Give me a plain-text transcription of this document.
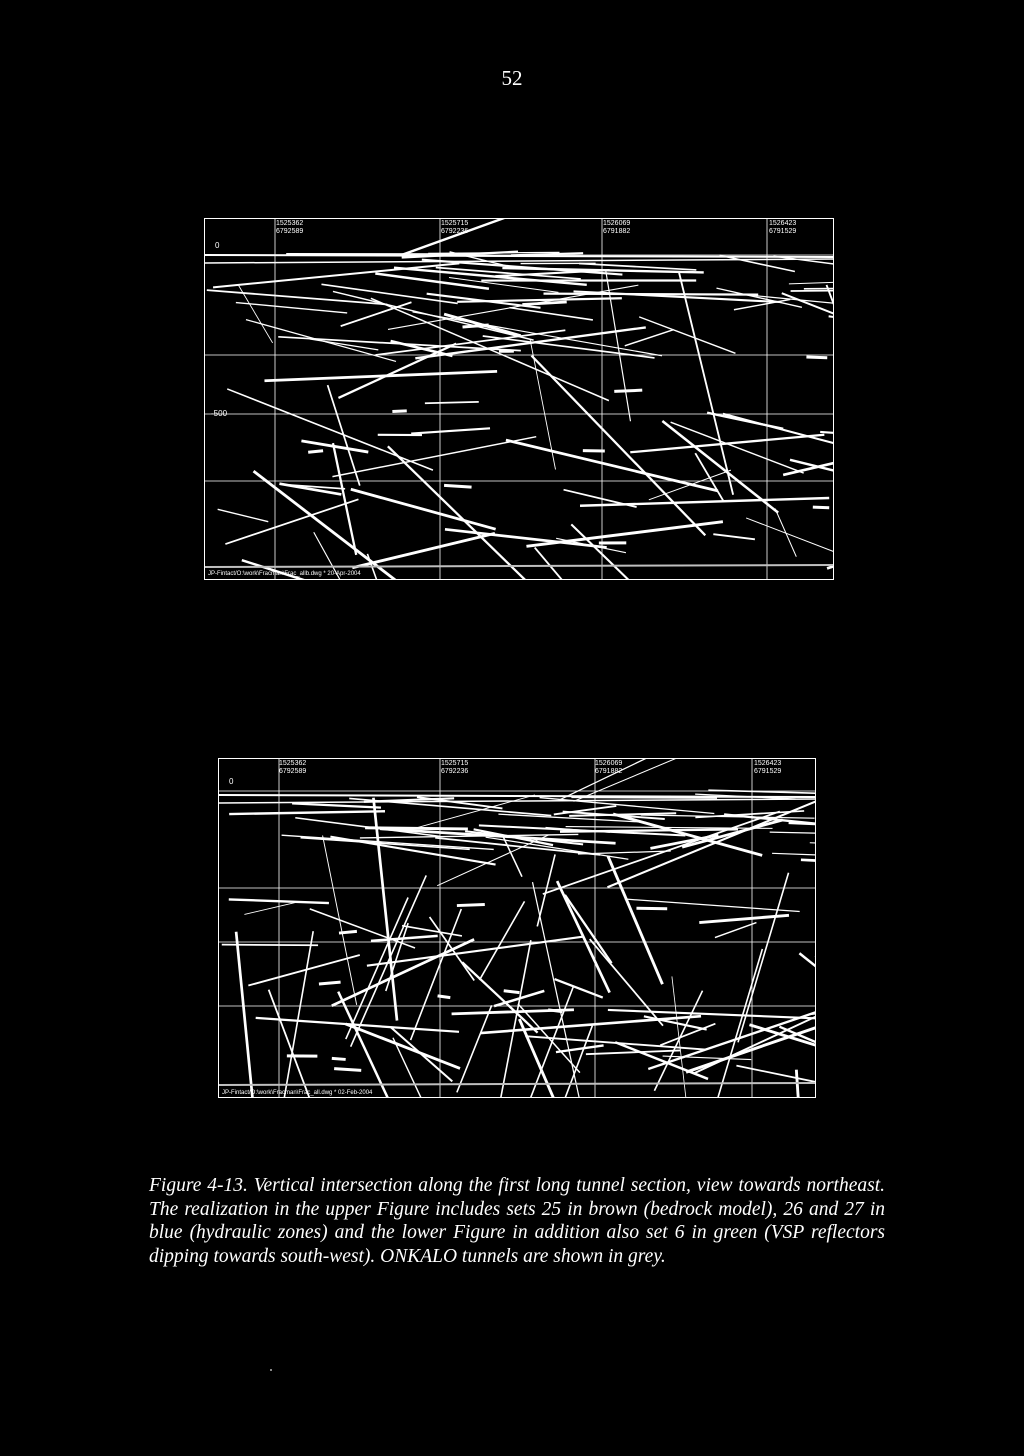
52
1525362
6792589
1525715
6792236
1526069
6791882
1526423
6791529
0
-500
JP-Fintact/O:\work\Fracman\Frac_allb.dwg * 20-Apr-2004
1525362
6792589
1525715
6792236
1526069
6791882
1526423
6791529
0
JP-Fintact/O:\work\Fracman\Frac_all.dwg * 02-Feb-2004
Figure 4-13. Vertical intersection along the first long tunnel section, view towards northeast. The realization in the upper Figure includes sets 25 in brown (bedrock model), 26 and 27 in blue (hydraulic zones) and the lower Figure in addition also set 6 in green (VSP reflectors dipping towards south-west). ONKALO tunnels are shown in grey.
